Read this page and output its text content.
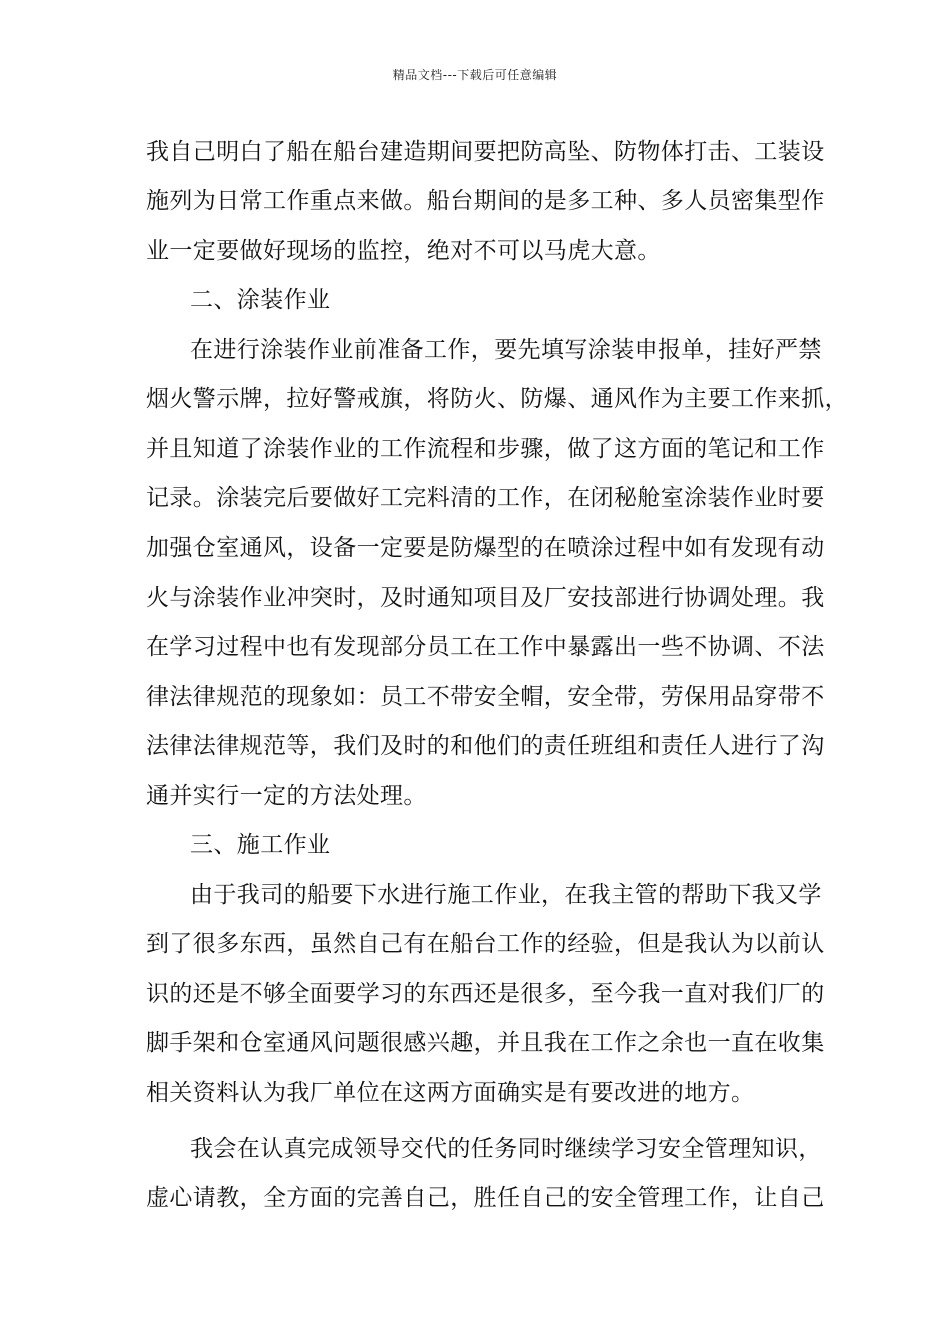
精品文档---下载后可任意编辑
我自己明白了船在船台建造期间要把防高坠、防物体打击、工装设
施列为日常工作重点来做。船台期间的是多工种、多人员密集型作
业一定要做好现场的监控，绝对不可以马虎大意。
二、涂装作业
在进行涂装作业前准备工作，要先填写涂装申报单，挂好严禁
烟火警示牌，拉好警戒旗，将防火、防爆、通风作为主要工作来抓，
并且知道了涂装作业的工作流程和步骤，做了这方面的笔记和工作
记录。涂装完后要做好工完料清的工作，在闭秘舱室涂装作业时要
加强仓室通风，设备一定要是防爆型的在喷涂过程中如有发现有动
火与涂装作业冲突时，及时通知项目及厂安技部进行协调处理。我
在学习过程中也有发现部分员工在工作中暴露出一些不协调、不法
律法律规范的现象如：员工不带安全帽，安全带，劳保用品穿带不
法律法律规范等，我们及时的和他们的责任班组和责任人进行了沟
通并实行一定的方法处理。
三、施工作业
由于我司的船要下水进行施工作业，在我主管的帮助下我又学
到了很多东西，虽然自己有在船台工作的经验，但是我认为以前认
识的还是不够全面要学习的东西还是很多，至今我一直对我们厂的
脚手架和仓室通风问题很感兴趣，并且我在工作之余也一直在收集
相关资料认为我厂单位在这两方面确实是有要改进的地方。
我会在认真完成领导交代的任务同时继续学习安全管理知识，
虚心请教，全方面的完善自己，胜任自己的安全管理工作，让自己
